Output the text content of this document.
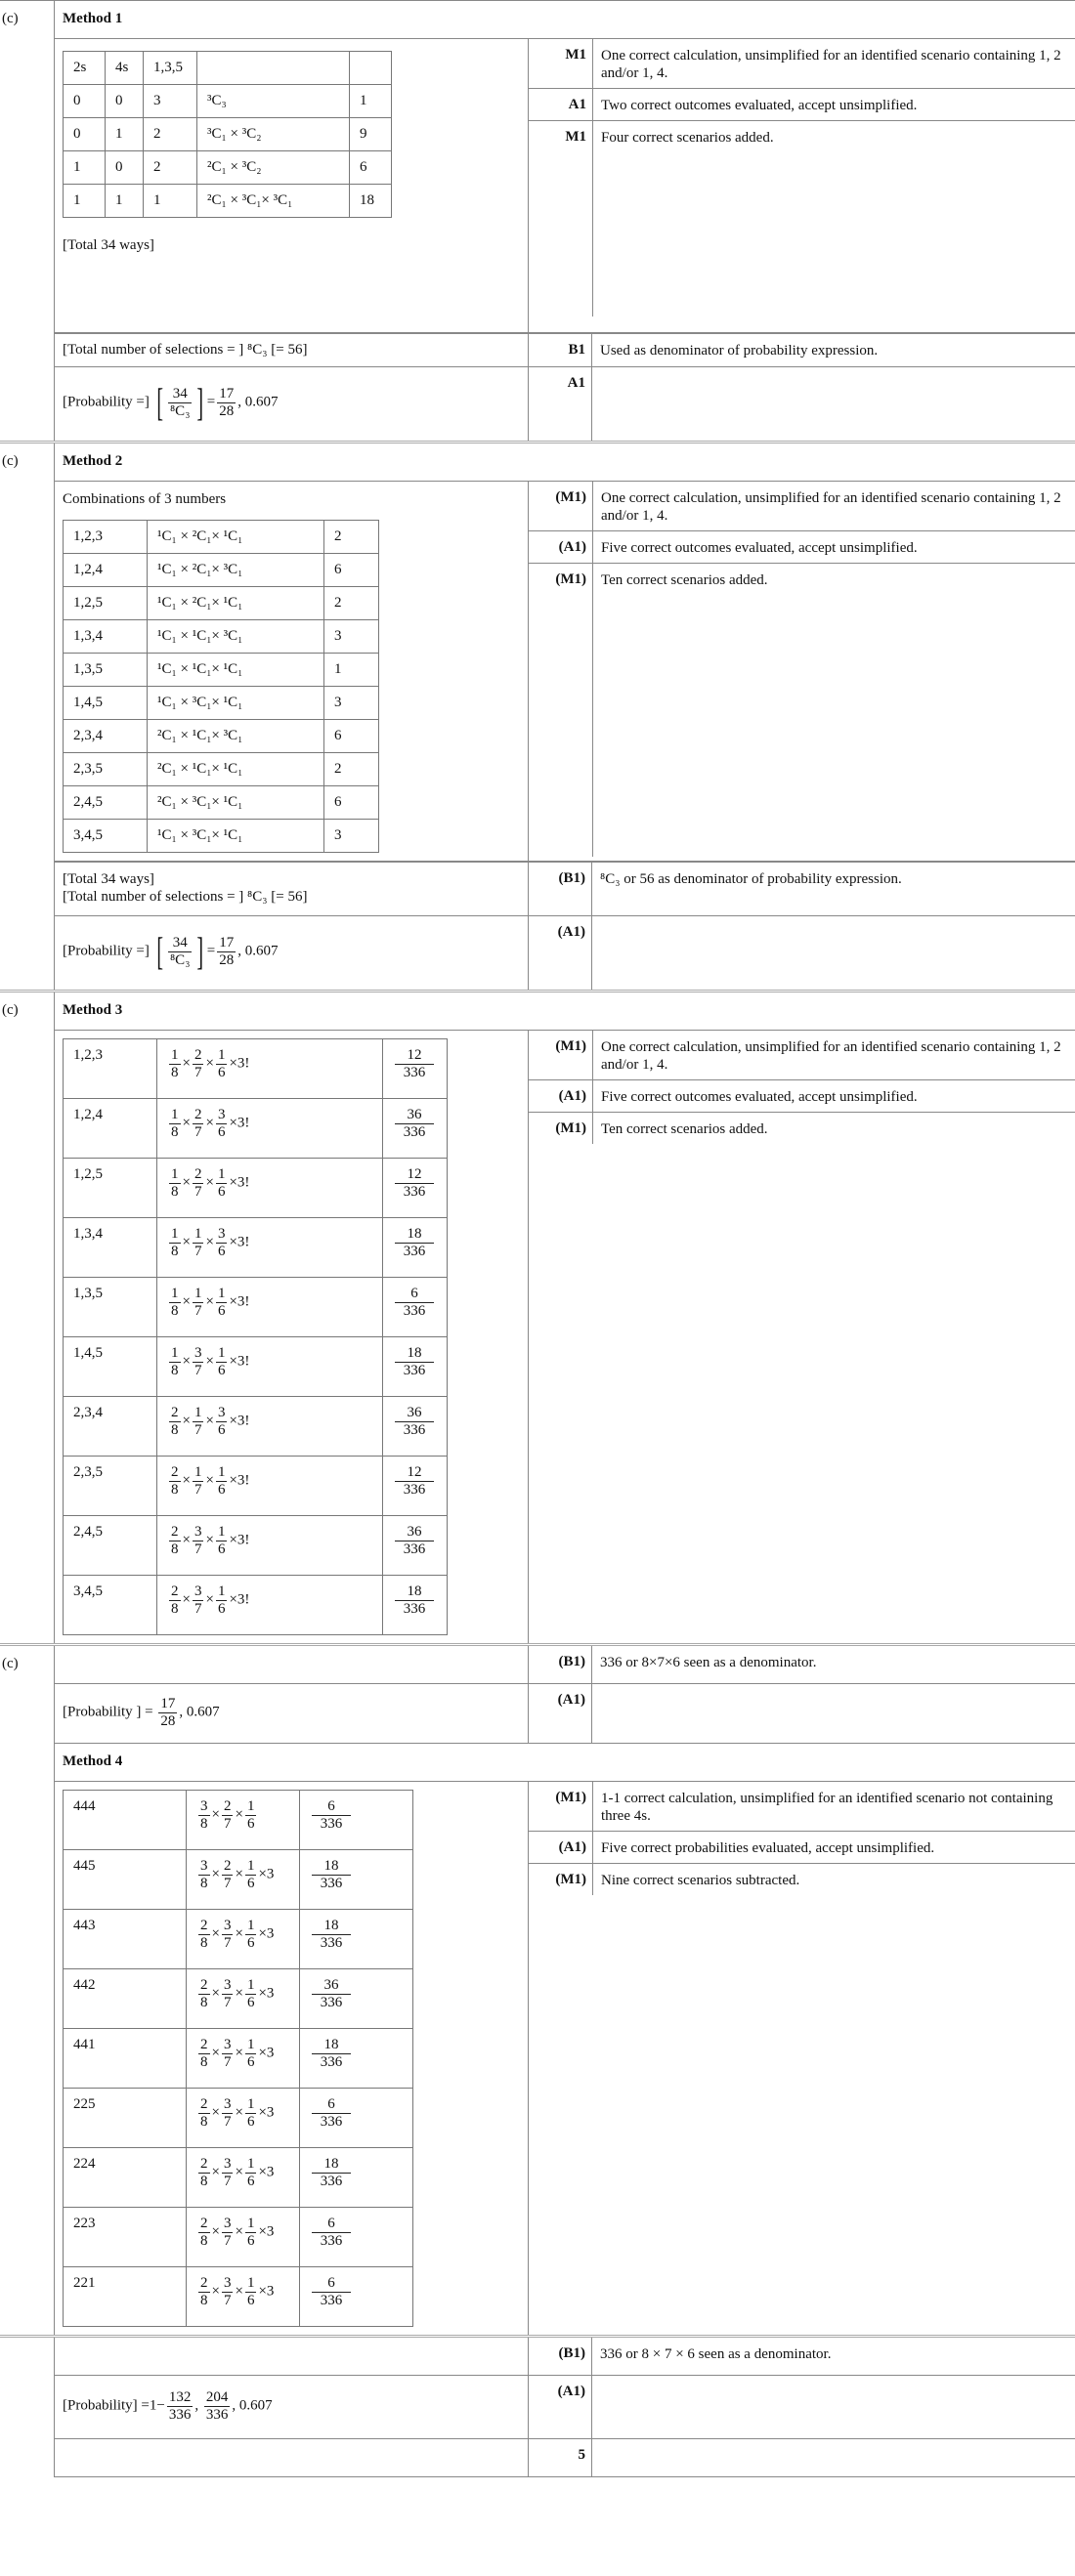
(c)	Method 1
2s	4s	1,3,5		
0	0	3	³C₃	1
0	1	2	³C₁ × ³C₂	9
1	0	2	²C₁ × ³C₂	6
1	1	1	²C₁ × ³C₁× ³C₁	18
[Total 34 ways]
M1	One correct calculation, unsimplified for an identified scenario containing 1, 2 and/or 1, 4.
A1	Two correct outcomes evaluated, accept unsimplified.
M1	Four correct scenarios added.
[Total number of selections = ] ⁸C₃ [= 56]	B1	Used as denominator of probability expression.
[Probability =] [ $\frac{34}{\text{⁸C₃}}$ ] = $\frac{17}{28}$ , 0.607
A1
(c)	Method 2
Combinations of 3 numbers
1,2,3	¹C₁ × ²C₁× ¹C₁	2
1,2,4	¹C₁ × ²C₁× ³C₁	6
1,2,5	¹C₁ × ²C₁× ¹C₁	2
1,3,4	¹C₁ × ¹C₁× ³C₁	3
1,3,5	¹C₁ × ¹C₁× ¹C₁	1
1,4,5	¹C₁ × ³C₁× ¹C₁	3
2,3,4	²C₁ × ¹C₁× ³C₁	6
2,3,5	²C₁ × ¹C₁× ¹C₁	2
2,4,5	²C₁ × ³C₁× ¹C₁	6
3,4,5	¹C₁ × ³C₁× ¹C₁	3
(M1)	One correct calculation, unsimplified for an identified scenario containing 1, 2 and/or 1, 4.
(A1)	Five correct outcomes evaluated, accept unsimplified.
(M1)	Ten correct scenarios added.
[Total 34 ways]
[Total number of selections = ] ⁸C₃ [= 56]
(B1)	⁸C₃ or 56 as denominator of probability expression.
[Probability =] [ $\frac{34}{\text{⁸C₃}}$ ] = $\frac{17}{28}$ , 0.607
(A1)
(c)	Method 3
1,2,3	$\frac{1}{8} \times \frac{2}{7} \times \frac{1}{6} \times 3$!	$\frac{12}{336}$

1,2,4	$\frac{1}{8} \times \frac{2}{7} \times \frac{3}{6} \times 3$!	$\frac{36}{336}$

1,2,5	$\frac{1}{8} \times \frac{2}{7} \times \frac{1}{6} \times 3$!	$\frac{12}{336}$

1,3,4	$\frac{1}{8} \times \frac{1}{7} \times \frac{3}{6} \times 3$!	$\frac{18}{336}$

1,3,5	$\frac{1}{8} \times \frac{1}{7} \times \frac{1}{6} \times 3$!	$\frac{6}{336}$

1,4,5	$\frac{1}{8} \times \frac{3}{7} \times \frac{1}{6} \times 3$!	$\frac{18}{336}$

2,3,4	$\frac{2}{8} \times \frac{1}{7} \times \frac{3}{6} \times 3$!	$\frac{36}{336}$

2,3,5	$\frac{2}{8} \times \frac{1}{7} \times \frac{1}{6} \times 3$!	$\frac{12}{336}$

2,4,5	$\frac{2}{8} \times \frac{3}{7} \times \frac{1}{6} \times 3$!	$\frac{36}{336}$

3,4,5	$\frac{2}{8} \times \frac{3}{7} \times \frac{1}{6} \times 3$!	$\frac{18}{336}$
(M1)	One correct calculation, unsimplified for an identified scenario containing 1, 2 and/or 1, 4.
(A1)	Five correct outcomes evaluated, accept unsimplified.
(M1)	Ten correct scenarios added.
(c)	(B1)	336 or 8×7×6 seen as a denominator.
[Probability ] = $\frac{17}{28}$ , 0.607
(A1)
Method 4
444	$\frac{3}{8} \times \frac{2}{7} \times \frac{1}{6}$	$\frac{6}{336}$

445	$\frac{3}{8} \times \frac{2}{7} \times \frac{1}{6} \times 3$	$\frac{18}{336}$

443	$\frac{2}{8} \times \frac{3}{7} \times \frac{1}{6} \times 3$	$\frac{18}{336}$

442	$\frac{2}{8} \times \frac{3}{7} \times \frac{1}{6} \times 3$	$\frac{36}{336}$

441	$\frac{2}{8} \times \frac{3}{7} \times \frac{1}{6} \times 3$	$\frac{18}{336}$

225	$\frac{2}{8} \times \frac{3}{7} \times \frac{1}{6} \times 3$	$\frac{6}{336}$

224	$\frac{2}{8} \times \frac{3}{7} \times \frac{1}{6} \times 3$	$\frac{18}{336}$

223	$\frac{2}{8} \times \frac{3}{7} \times \frac{1}{6} \times 3$	$\frac{6}{336}$

221	$\frac{2}{8} \times \frac{3}{7} \times \frac{1}{6} \times 3$	$\frac{6}{336}$
(M1)	1-1 correct calculation, unsimplified for an identified scenario not containing three 4s.
(A1)	Five correct probabilities evaluated, accept unsimplified.
(M1)	Nine correct scenarios subtracted.
(B1)	336 or 8 × 7 × 6 seen as a denominator.
[Probability] $=1- \frac{132}{336}$ , $\frac{204}{336}$ , 0.607
(A1)
5
